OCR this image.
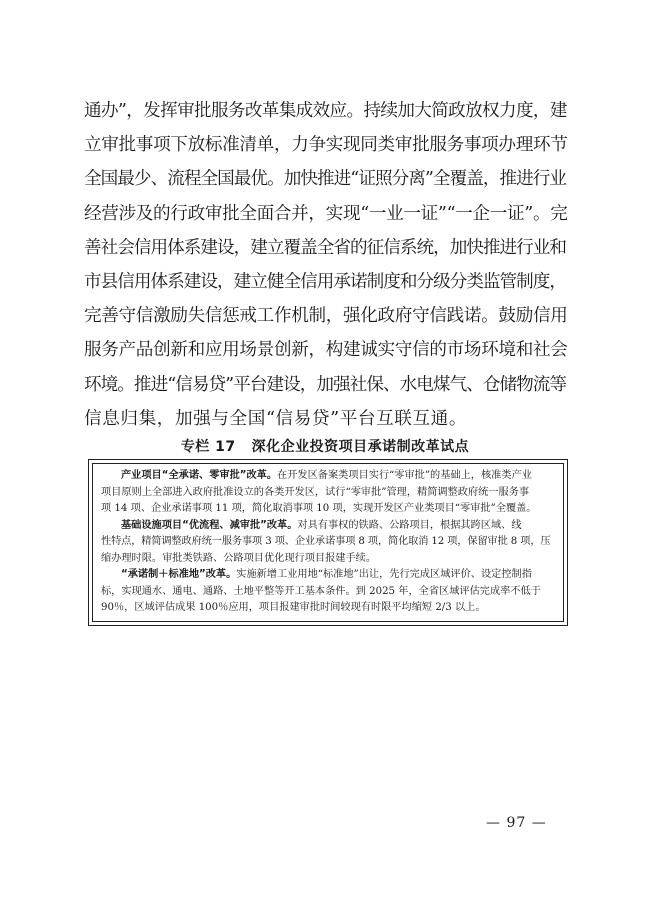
通办”，发挥审批服务改革集成效应。持续加大简政放权力度，建
立审批事项下放标准清单，力争实现同类审批服务事项办理环节
全国最少、流程全国最优。加快推进“证照分离”全覆盖，推进行业
经营涉及的行政审批全面合并，实现“一业一证”“一企一证”。完
善社会信用体系建设，建立覆盖全省的征信系统，加快推进行业和
市县信用体系建设，建立健全信用承诺制度和分级分类监管制度，
完善守信激励失信惩戒工作机制，强化政府守信践诺。鼓励信用
服务产品创新和应用场景创新，构建诚实守信的市场环境和社会
环境。推进“信易贷”平台建设，加强社保、水电煤气、仓储物流等
信息归集，加强与全国“信易贷”平台互联互通。
专栏 17 深化企业投资项目承诺制改革试点
产业项目“全承诺、零审批”改革。在开发区备案类项目实行“零审批”的基础上，核准类产业
项目原则上全部进入政府批准设立的各类开发区，试行“零审批”管理，精简调整政府统一服务事
项 14 项、企业承诺事项 11 项，简化取消事项 10 项，实现开发区产业类项目“零审批”全覆盖。
基础设施项目“优流程、减审批”改革。对具有事权的铁路、公路项目，根据其跨区域、线
性特点，精简调整政府统一服务事项 3 项、企业承诺事项 8 项，简化取消 12 项，保留审批 8 项，压
缩办理时限。审批类铁路、公路项目优化现行项目报建手续。
“承诺制＋标准地”改革。实施新增工业用地“标准地”出让，先行完成区域评价、设定控制指
标，实现通水、通电、通路、土地平整等开工基本条件。到 2025 年，全省区域评估完成率不低于
90％，区域评估成果 100％应用，项目报建审批时间较现有时限平均缩短 2/3 以上。
— 97 —
